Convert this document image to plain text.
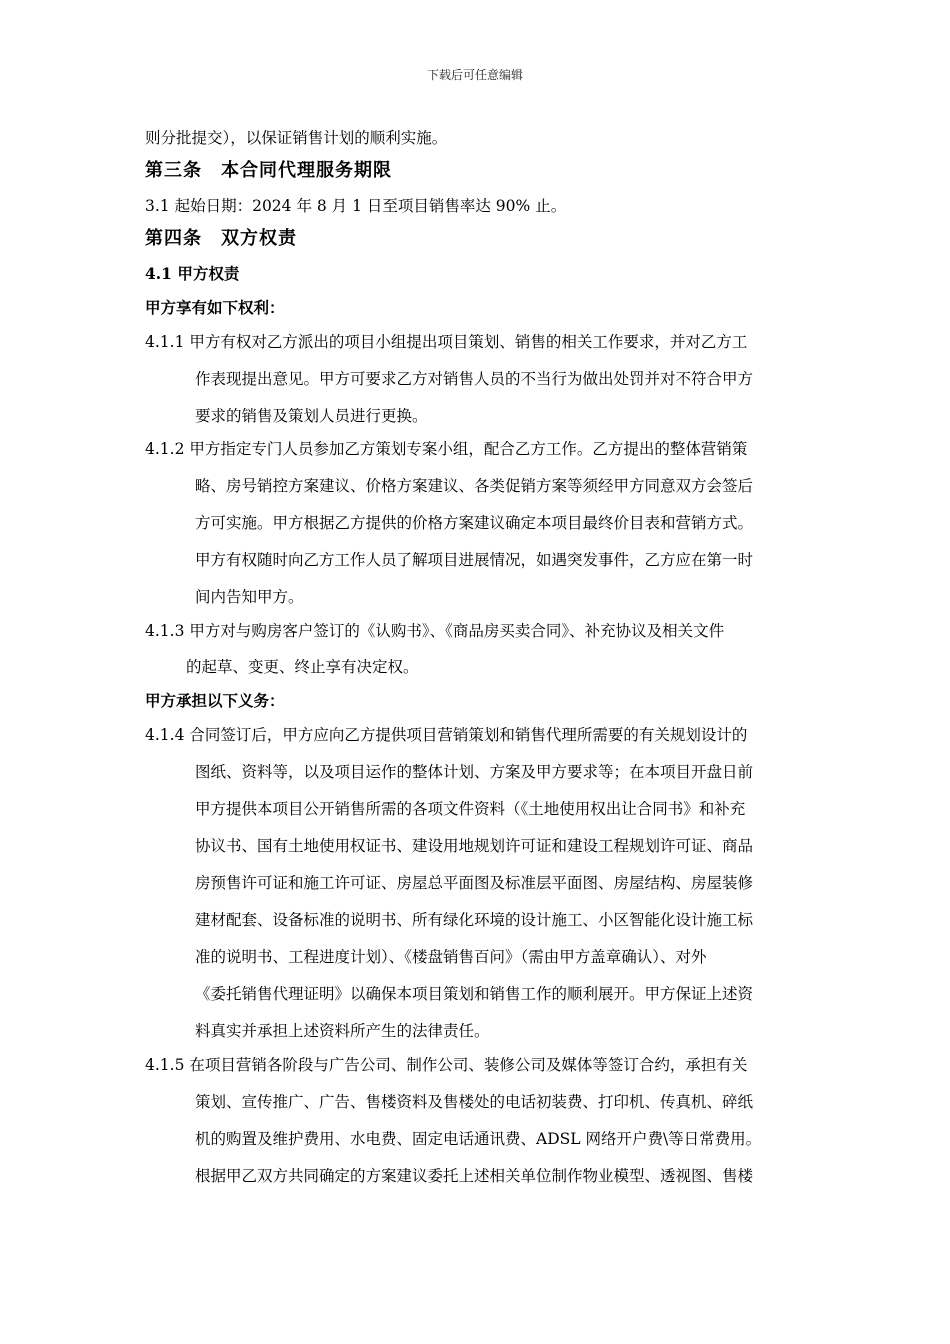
下载后可任意编辑
则分批提交），以保证销售计划的顺利实施。
第三条　本合同代理服务期限
3.1 起始日期：2024 年 8 月 1 日至项目销售率达 90% 止。
第四条　双方权责
4.1 甲方权责
甲方享有如下权利：
4.1.1 甲方有权对乙方派出的项目小组提出项目策划、销售的相关工作要求，并对乙方工
作表现提出意见。甲方可要求乙方对销售人员的不当行为做出处罚并对不符合甲方
要求的销售及策划人员进行更换。
4.1.2 甲方指定专门人员参加乙方策划专案小组，配合乙方工作。乙方提出的整体营销策
略、房号销控方案建议、价格方案建议、各类促销方案等须经甲方同意双方会签后
方可实施。甲方根据乙方提供的价格方案建议确定本项目最终价目表和营销方式。
甲方有权随时向乙方工作人员了解项目进展情况，如遇突发事件，乙方应在第一时
间内告知甲方。
4.1.3 甲方对与购房客户签订的《认购书》、《商品房买卖合同》、补充协议及相关文件
的起草、变更、终止享有决定权。
甲方承担以下义务：
4.1.4 合同签订后，甲方应向乙方提供项目营销策划和销售代理所需要的有关规划设计的
图纸、资料等，以及项目运作的整体计划、方案及甲方要求等；在本项目开盘日前
甲方提供本项目公开销售所需的各项文件资料（《土地使用权出让合同书》和补充
协议书、国有土地使用权证书、建设用地规划许可证和建设工程规划许可证、商品
房预售许可证和施工许可证、房屋总平面图及标准层平面图、房屋结构、房屋装修
建材配套、设备标准的说明书、所有绿化环境的设计施工、小区智能化设计施工标
准的说明书、工程进度计划）、《楼盘销售百问》（需由甲方盖章确认）、对外
《委托销售代理证明》以确保本项目策划和销售工作的顺利展开。甲方保证上述资
料真实并承担上述资料所产生的法律责任。
4.1.5 在项目营销各阶段与广告公司、制作公司、装修公司及媒体等签订合约，承担有关
策划、宣传推广、广告、售楼资料及售楼处的电话初装费、打印机、传真机、碎纸
机的购置及维护费用、水电费、固定电话通讯费、ADSL 网络开户费\等日常费用。
根据甲乙双方共同确定的方案建议委托上述相关单位制作物业模型、透视图、售楼
